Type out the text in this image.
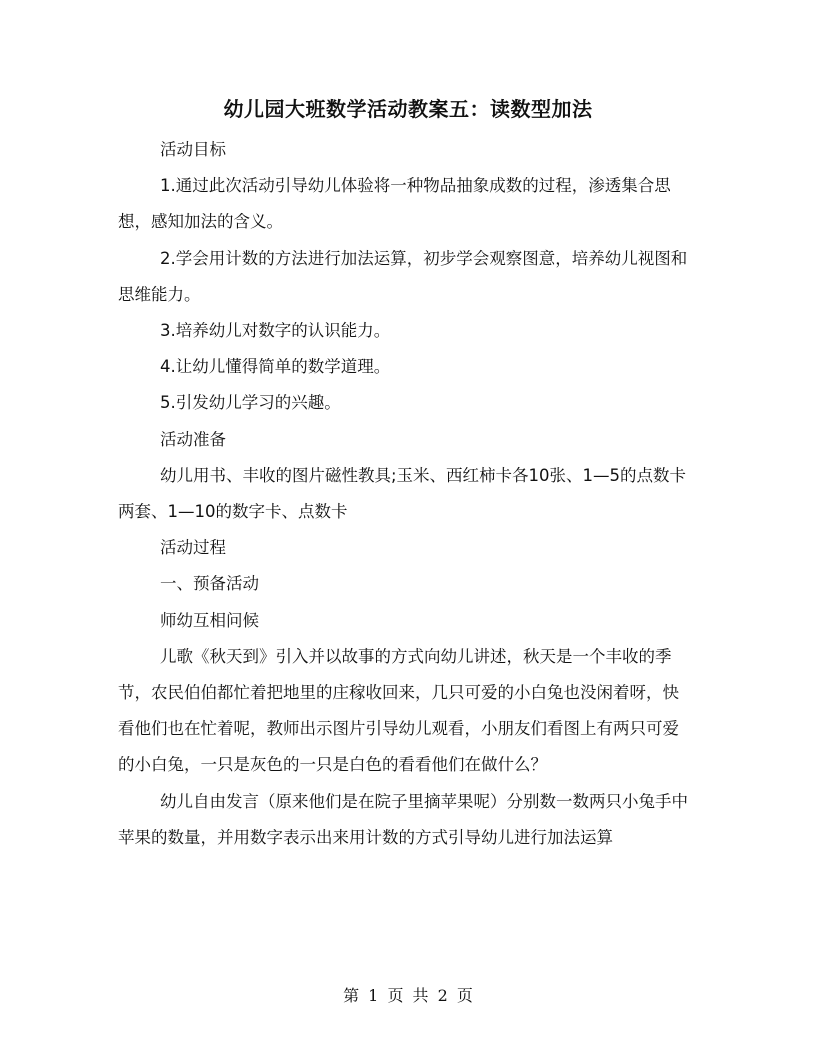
幼儿园大班数学活动教案五：读数型加法

活动目标

1.通过此次活动引导幼儿体验将一种物品抽象成数的过程，渗透集合思想，感知加法的含义。

2.学会用计数的方法进行加法运算，初步学会观察图意，培养幼儿视图和思维能力。

3.培养幼儿对数字的认识能力。

4.让幼儿懂得简单的数学道理。

5.引发幼儿学习的兴趣。

活动准备

幼儿用书、丰收的图片磁性教具;玉米、西红柿卡各10张、1—5的点数卡两套、1—10的数字卡、点数卡

活动过程

一、预备活动

师幼互相问候

儿歌《秋天到》引入并以故事的方式向幼儿讲述，秋天是一个丰收的季节，农民伯伯都忙着把地里的庄稼收回来，几只可爱的小白兔也没闲着呀，快看他们也在忙着呢，教师出示图片引导幼儿观看，小朋友们看图上有两只可爱的小白兔，一只是灰色的一只是白色的看看他们在做什么？

幼儿自由发言（原来他们是在院子里摘苹果呢）分别数一数两只小兔手中苹果的数量，并用数字表示出来用计数的方式引导幼儿进行加法运算

第 1 页 共 2 页
